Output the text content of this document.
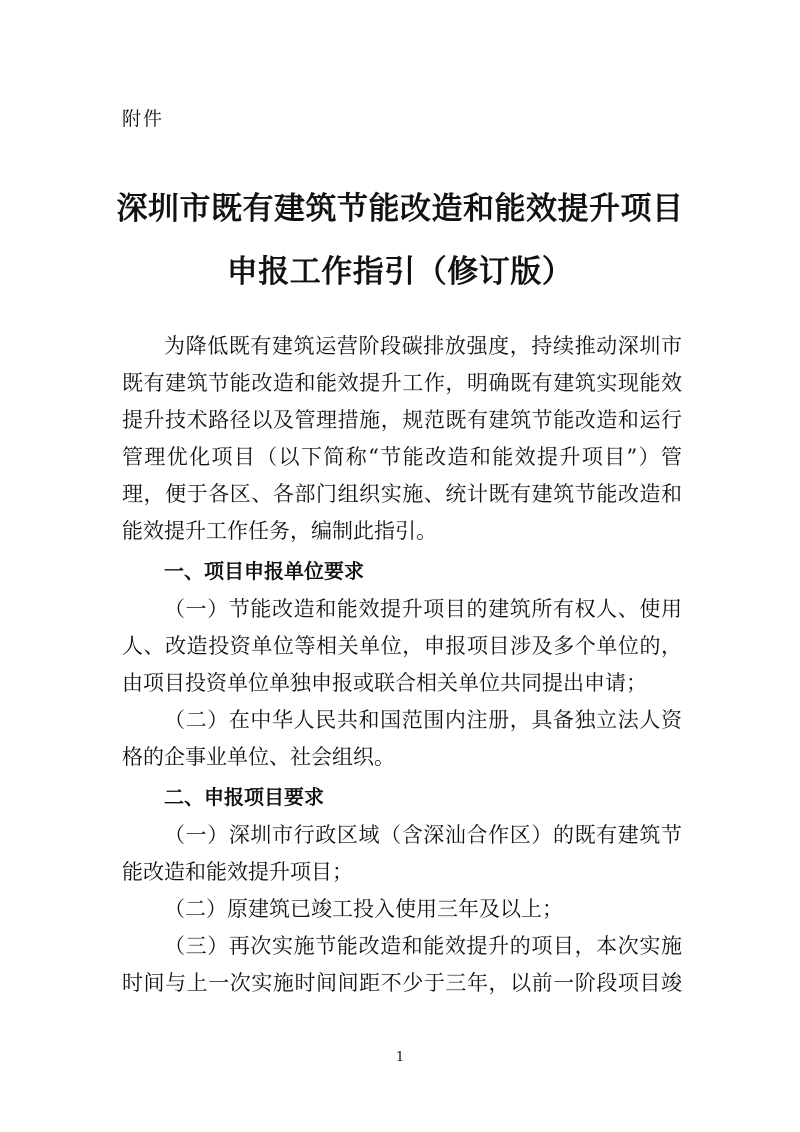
附件
深圳市既有建筑节能改造和能效提升项目
申报工作指引（修订版）
为降低既有建筑运营阶段碳排放强度，持续推动深圳市
既有建筑节能改造和能效提升工作，明确既有建筑实现能效
提升技术路径以及管理措施，规范既有建筑节能改造和运行
管理优化项目（以下简称“节能改造和能效提升项目”）管
理，便于各区、各部门组织实施、统计既有建筑节能改造和
能效提升工作任务，编制此指引。
一、项目申报单位要求
（一）节能改造和能效提升项目的建筑所有权人、使用
人、改造投资单位等相关单位，申报项目涉及多个单位的，
由项目投资单位单独申报或联合相关单位共同提出申请；
（二）在中华人民共和国范围内注册，具备独立法人资
格的企事业单位、社会组织。
二、申报项目要求
（一）深圳市行政区域（含深汕合作区）的既有建筑节
能改造和能效提升项目；
（二）原建筑已竣工投入使用三年及以上；
（三）再次实施节能改造和能效提升的项目，本次实施
时间与上一次实施时间间距不少于三年，以前一阶段项目竣
1
